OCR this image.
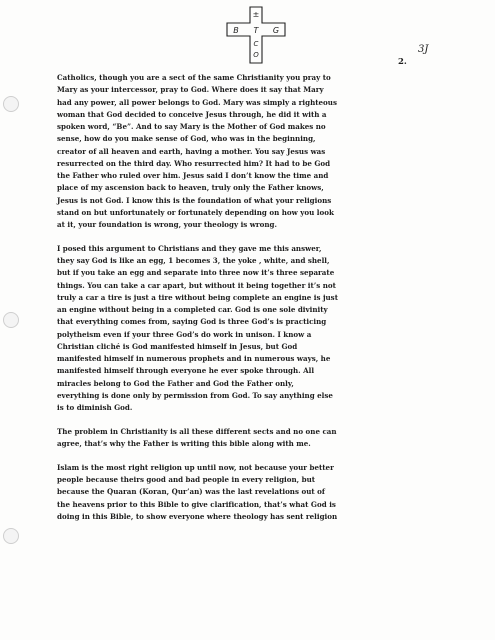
±
B T G
C
O	3J
2.

Catholics, though you are a sect of the same Christianity you pray to
Mary as your intercessor, pray to God. Where does it say that Mary
had any power, all power belongs to God. Mary was simply a righteous
woman that God decided to conceive Jesus through, he did it with a
spoken word, “Be”. And to say Mary is the Mother of God makes no
sense, how do you make sense of God, who was in the beginning,
creator of all heaven and earth, having a mother. You say Jesus was
resurrected on the third day. Who resurrected him? It had to be God
the Father who ruled over him. Jesus said I don’t know the time and
place of my ascension back to heaven, truly only the Father knows,
Jesus is not God. I know this is the foundation of what your religions
stand on but unfortunately or fortunately depending on how you look
at it, your foundation is wrong, your theology is wrong.

I posed this argument to Christians and they gave me this answer,
they say God is like an egg, 1 becomes 3, the yoke , white, and shell,
but if you take an egg and separate into three now it’s three separate
things. You can take a car apart, but without it being together it’s not
truly a car a tire is just a tire without being complete an engine is just
an engine without being in a completed car. God is one sole divinity
that everything comes from, saying God is three God’s is practicing
polytheism even if your three God’s do work in unison. I know a
Christian cliché is God manifested himself in Jesus, but God
manifested himself in numerous prophets and in numerous ways, he
manifested himself through everyone he ever spoke through. All
miracles belong to God the Father and God the Father only,
everything is done only by permission from God. To say anything else
is to diminish God.

The problem in Christianity is all these different sects and no one can
agree, that’s why the Father is writing this bible along with me.

Islam is the most right religion up until now, not because your better
people because theirs good and bad people in every religion, but
because the Quaran (Koran, Qur’an) was the last revelations out of
the heavens prior to this Bible to give clarification, that’s what God is
doing in this Bible, to show everyone where theology has sent religion
